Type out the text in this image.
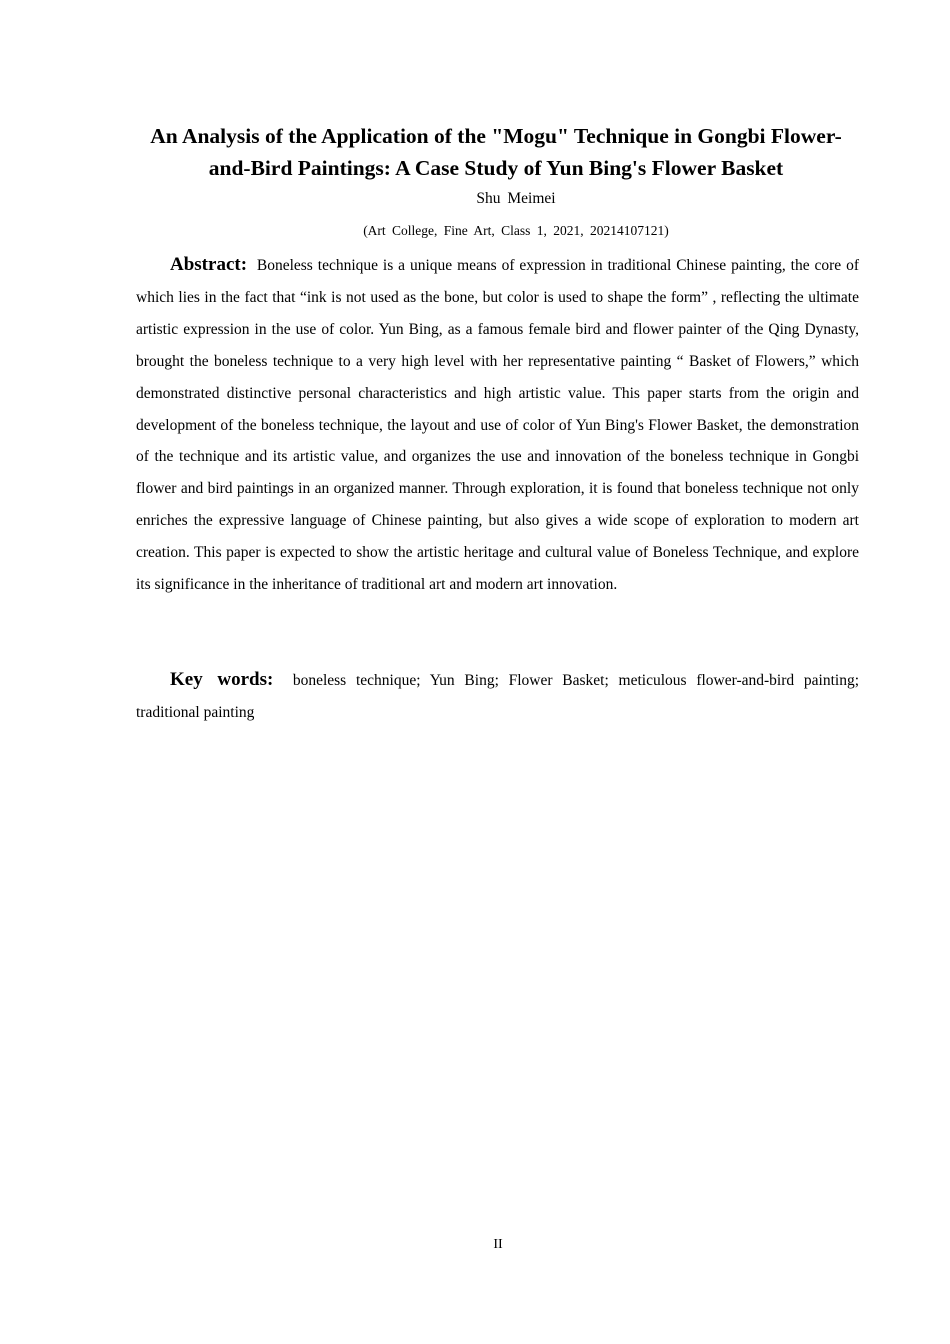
An Analysis of the Application of the "Mogu" Technique in Gongbi Flower-and-Bird Paintings: A Case Study of Yun Bing's Flower Basket
Shu Meimei
(Art College, Fine Art, Class 1, 2021, 20214107121)

Abstract: Boneless technique is a unique means of expression in traditional Chinese painting, the core of which lies in the fact that “ink is not used as the bone, but color is used to shape the form” , reflecting the ultimate artistic expression in the use of color. Yun Bing, as a famous female bird and flower painter of the Qing Dynasty, brought the boneless technique to a very high level with her representative painting “ Basket of Flowers,” which demonstrated distinctive personal characteristics and high artistic value. This paper starts from the origin and development of the boneless technique, the layout and use of color of Yun Bing's Flower Basket, the demonstration of the technique and its artistic value, and organizes the use and innovation of the boneless technique in Gongbi flower and bird paintings in an organized manner. Through exploration, it is found that boneless technique not only enriches the expressive language of Chinese painting, but also gives a wide scope of exploration to modern art creation. This paper is expected to show the artistic heritage and cultural value of Boneless Technique, and explore its significance in the inheritance of traditional art and modern art innovation.

Key words: boneless technique; Yun Bing; Flower Basket; meticulous flower-and-bird painting; traditional painting

II
